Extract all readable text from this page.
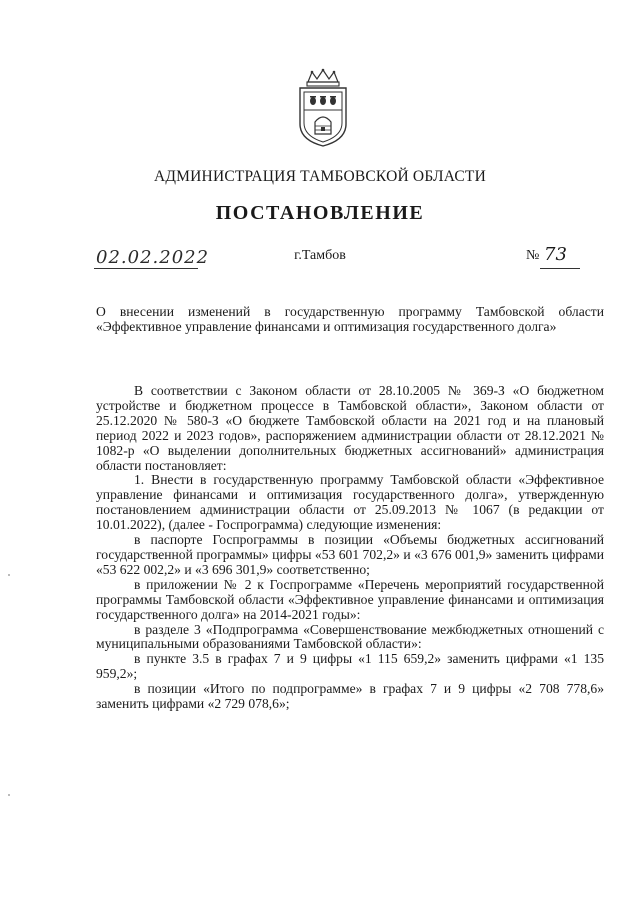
АДМИНИСТРАЦИЯ ТАМБОВСКОЙ ОБЛАСТИ
ПОСТАНОВЛЕНИЕ
02.02.2022	г.Тамбов	№ 73
О внесении изменений в государственную программу Тамбовской области «Эффективное управление финансами и оптимизация государственного долга»

В соответствии с Законом области от 28.10.2005 № 369-З «О бюджетном устройстве и бюджетном процессе в Тамбовской области», Законом области от 25.12.2020 № 580-З «О бюджете Тамбовской области на 2021 год и на плановый период 2022 и 2023 годов», распоряжением администрации области от 28.12.2021 № 1082-р «О выделении дополнительных бюджетных ассигнований» администрация области постановляет:

1. Внести в государственную программу Тамбовской области «Эффективное управление финансами и оптимизация государственного долга», утвержденную постановлением администрации области от 25.09.2013 № 1067 (в редакции от 10.01.2022), (далее - Госпрограмма) следующие изменения:

в паспорте Госпрограммы в позиции «Объемы бюджетных ассигнований государственной программы» цифры «53 601 702,2» и «3 676 001,9» заменить цифрами «53 622 002,2» и «3 696 301,9» соответственно;

в приложении № 2 к Госпрограмме «Перечень мероприятий государственной программы Тамбовской области «Эффективное управление финансами и оптимизация государственного долга» на 2014-2021 годы»:

в разделе 3 «Подпрограмма «Совершенствование межбюджетных отношений с муниципальными образованиями Тамбовской области»:

в пункте 3.5 в графах 7 и 9 цифры «1 115 659,2» заменить цифрами «1 135 959,2»;

в позиции «Итого по подпрограмме» в графах 7 и 9 цифры «2 708 778,6» заменить цифрами «2 729 078,6»;
